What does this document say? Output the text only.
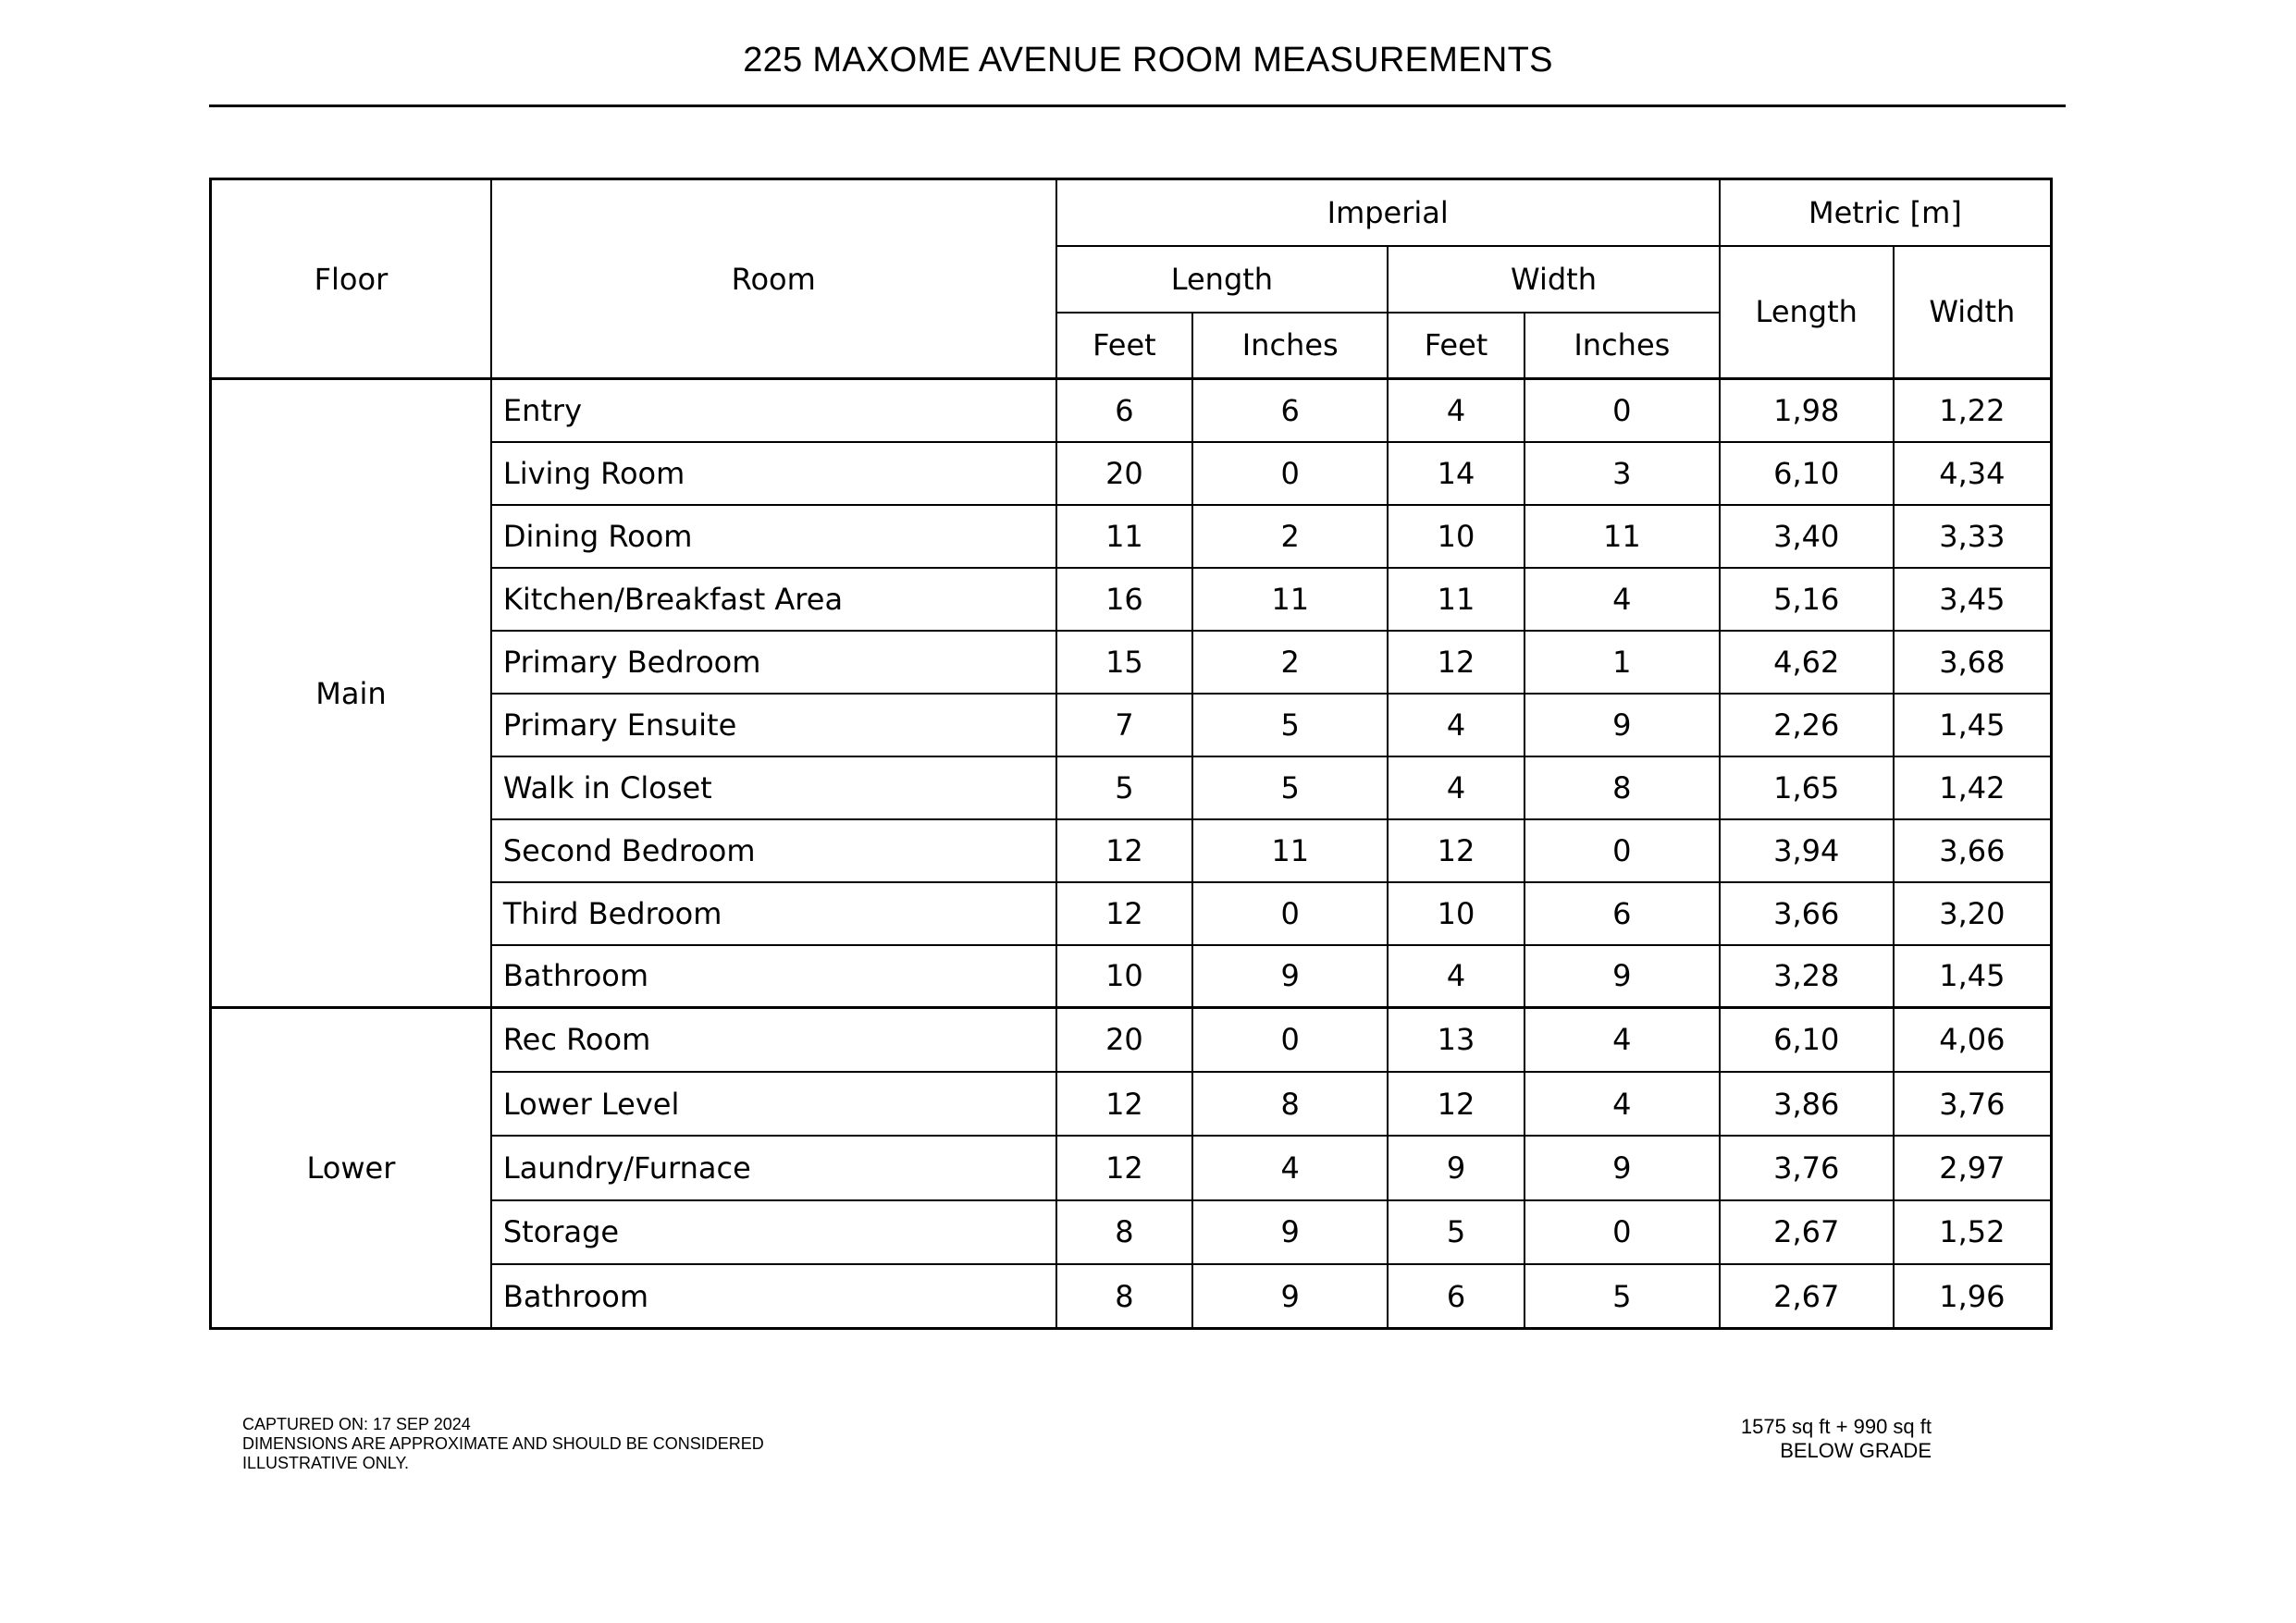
225 MAXOME AVENUE ROOM MEASUREMENTS
Floor	Room	Imperial				Metric [m]	
		Length		Width		Length	Width
		Feet	Inches	Feet	Inches		
Main	Entry	6	6	4	0	1,98	1,22
	Living Room	20	0	14	3	6,10	4,34
	Dining Room	11	2	10	11	3,40	3,33
	Kitchen/Breakfast Area	16	11	11	4	5,16	3,45
	Primary Bedroom	15	2	12	1	4,62	3,68
	Primary Ensuite	7	5	4	9	2,26	1,45
	Walk in Closet	5	5	4	8	1,65	1,42
	Second Bedroom	12	11	12	0	3,94	3,66
	Third Bedroom	12	0	10	6	3,66	3,20
	Bathroom	10	9	4	9	3,28	1,45
Lower	Rec Room	20	0	13	4	6,10	4,06
	Lower Level	12	8	12	4	3,86	3,76
	Laundry/Furnace	12	4	9	9	3,76	2,97
	Storage	8	9	5	0	2,67	1,52
	Bathroom	8	9	6	5	2,67	1,96
CAPTURED ON: 17 SEP 2024
DIMENSIONS ARE APPROXIMATE AND SHOULD BE CONSIDERED
ILLUSTRATIVE ONLY.
1575 sq ft + 990 sq ft
BELOW GRADE
